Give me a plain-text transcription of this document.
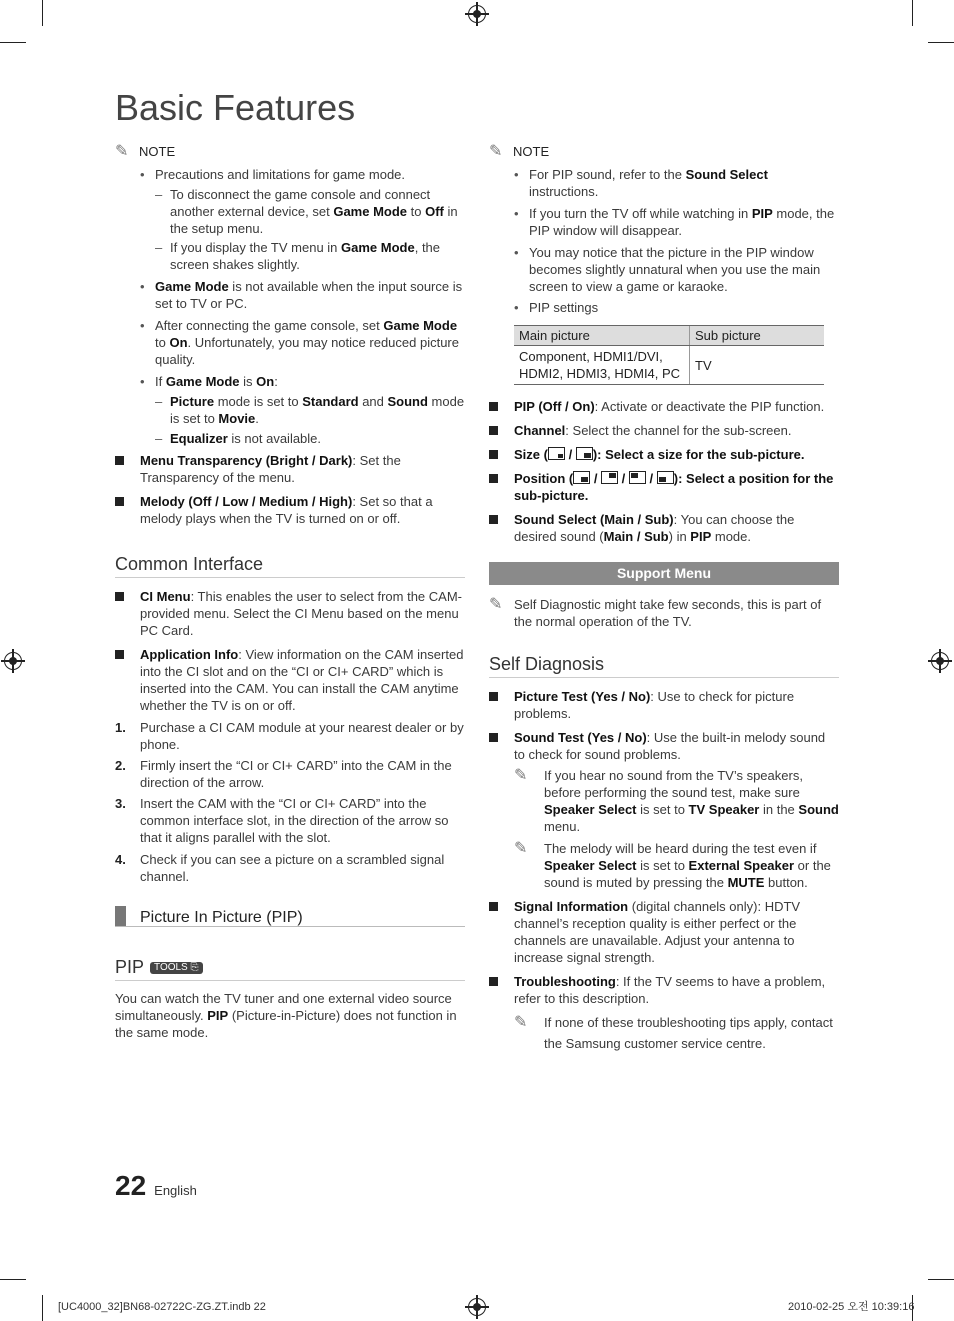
Basic Features
✎ NOTE
• Precautions and limitations for game mode.
– To disconnect the game console and connect another external device, set Game Mode to Off in the setup menu.
– If you display the TV menu in Game Mode, the screen shakes slightly.
• Game Mode is not available when the input source is set to TV or PC.
• After connecting the game console, set Game Mode to On. Unfortunately, you may notice reduced picture quality.
• If Game Mode is On:
– Picture mode is set to Standard and Sound mode is set to Movie.
– Equalizer is not available.
Menu Transparency (Bright / Dark): Set the Transparency of the menu.
Melody (Off / Low / Medium / High): Set so that a melody plays when the TV is turned on or off.
Common Interface
CI Menu: This enables the user to select from the CAM-provided menu. Select the CI Menu based on the menu PC Card.
Application Info: View information on the CAM inserted into the CI slot and on the “CI or CI+ CARD” which is inserted into the CAM. You can install the CAM anytime whether the TV is on or off.
1. Purchase a CI CAM module at your nearest dealer or by phone.
2. Firmly insert the “CI or CI+ CARD” into the CAM in the direction of the arrow.
3. Insert the CAM with the “CI or CI+ CARD” into the common interface slot, in the direction of the arrow so that it aligns parallel with the slot.
4. Check if you can see a picture on a scrambled signal channel.
Picture In Picture (PIP)
PIP TOOLS ⎘
You can watch the TV tuner and one external video source simultaneously. PIP (Picture-in-Picture) does not function in the same mode.
✎ NOTE
• For PIP sound, refer to the Sound Select instructions.
• If you turn the TV off while watching in PIP mode, the PIP window will disappear.
• You may notice that the picture in the PIP window becomes slightly unnatural when you use the main screen to view a game or karaoke.
• PIP settings
Main picture	Sub picture
Component, HDMI1/DVI, HDMI2, HDMI3, HDMI4, PC	TV
PIP (Off / On): Activate or deactivate the PIP function.
Channel: Select the channel for the sub-screen.
Size (
/
): Select a size for the sub-picture.
Position (
/
/
/
): Select a position for the sub-picture.
Sound Select (Main / Sub): You can choose the desired sound (Main / Sub) in PIP mode.
Support Menu
✎ Self Diagnostic might take few seconds, this is part of the normal operation of the TV.
Self Diagnosis
Picture Test (Yes / No): Use to check for picture problems.
Sound Test (Yes / No): Use the built-in melody sound to check for sound problems.
✎	If you hear no sound from the TV’s speakers, before performing the sound test, make sure Speaker Select is set to TV Speaker in the Sound menu.
✎	The melody will be heard during the test even if Speaker Select is set to External Speaker or the sound is muted by pressing the MUTE button.
Signal Information (digital channels only): HDTV channel’s reception quality is either perfect or the channels are unavailable. Adjust your antenna to increase signal strength.
Troubleshooting: If the TV seems to have a problem, refer to this description.
✎	If none of these troubleshooting tips apply, contact the Samsung customer service centre.
22 English
[UC4000_32]BN68-02722C-ZG.ZT.indb 22	2010-02-25 오전 10:39:16
